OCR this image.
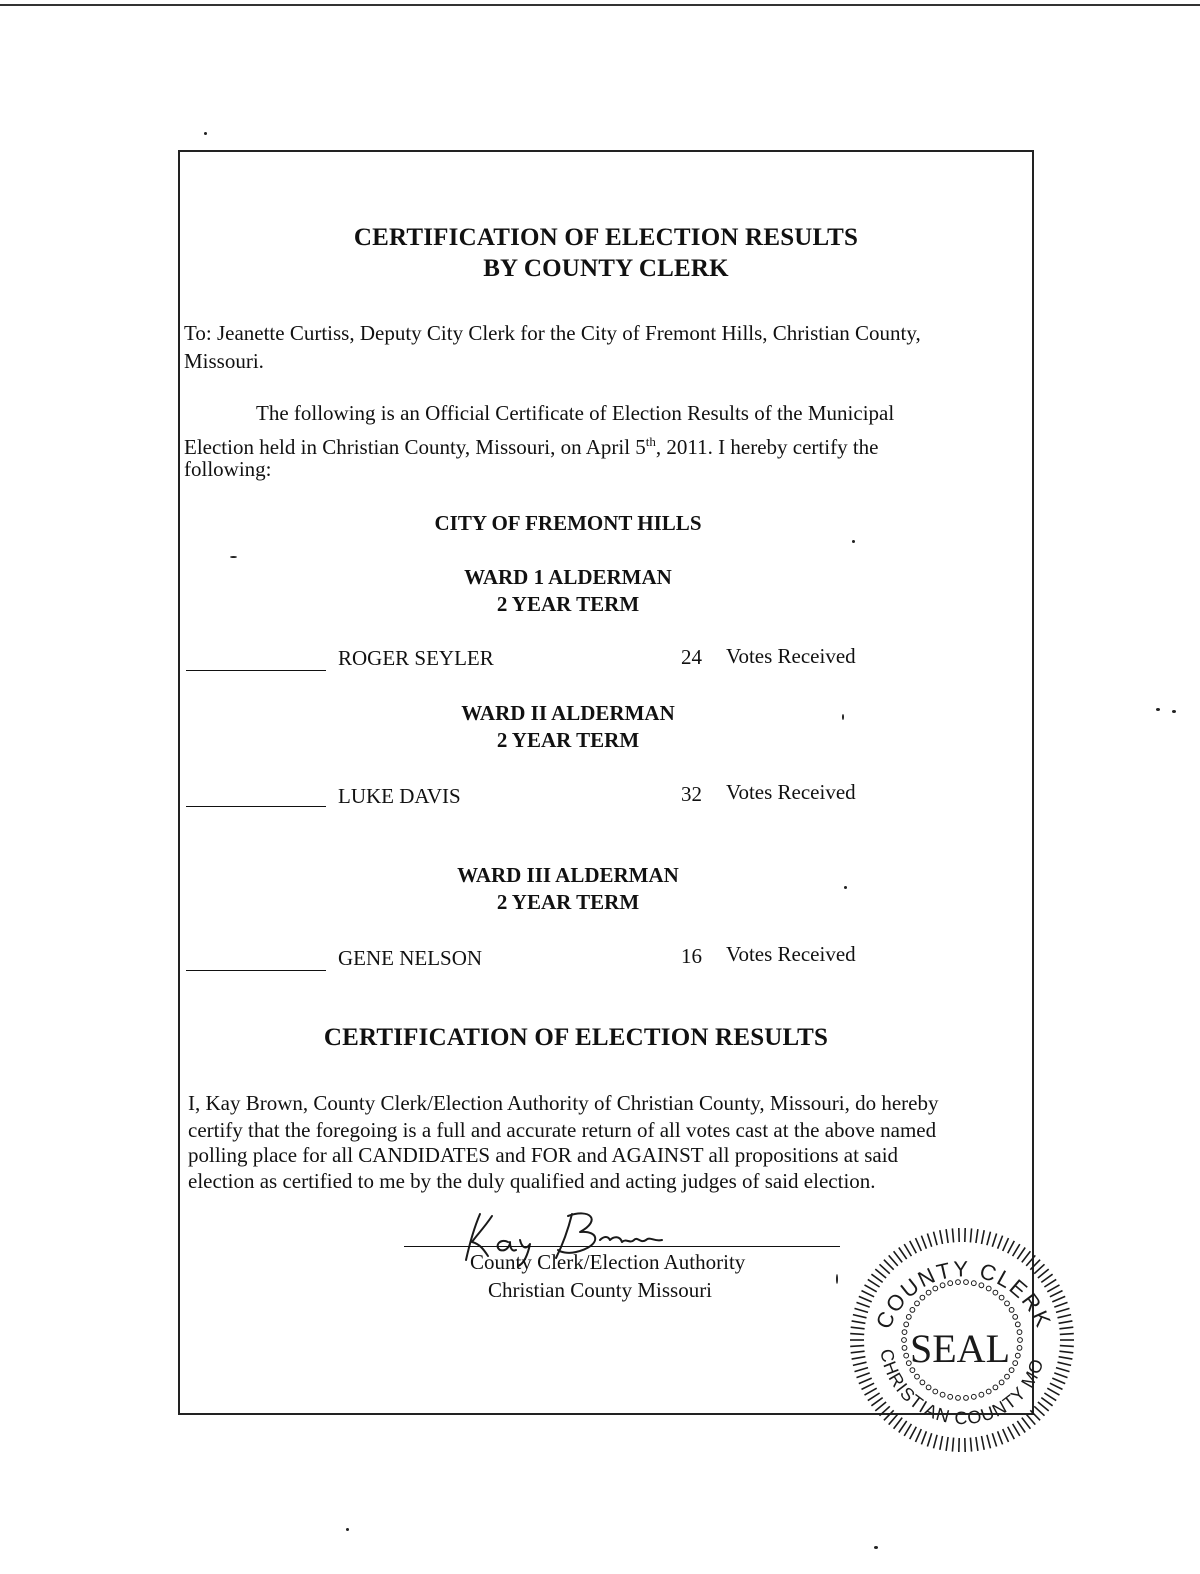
CERTIFICATION OF ELECTION RESULTS
BY COUNTY CLERK
To: Jeanette Curtiss, Deputy City Clerk for the City of Fremont Hills, Christian County,
Missouri.
The following is an Official Certificate of Election Results of the Municipal
Election held in Christian County, Missouri, on April 5th, 2011. I hereby certify the
following:
CITY OF FREMONT HILLS
WARD 1 ALDERMAN
2 YEAR TERM
ROGER SEYLER	24 Votes Received
WARD II ALDERMAN
2 YEAR TERM
LUKE DAVIS	32 Votes Received
WARD III ALDERMAN
2 YEAR TERM
GENE NELSON	16 Votes Received
CERTIFICATION OF ELECTION RESULTS
I, Kay Brown, County Clerk/Election Authority of Christian County, Missouri, do hereby
certify that the foregoing is a full and accurate return of all votes cast at the above named
polling place for all CANDIDATES and FOR and AGAINST all propositions at said
election as certified to me by the duly qualified and acting judges of said election.
County Clerk/Election Authority
Christian County Missouri
COUNTY CLERK
CHRISTIAN COUNTY MO
SEAL
